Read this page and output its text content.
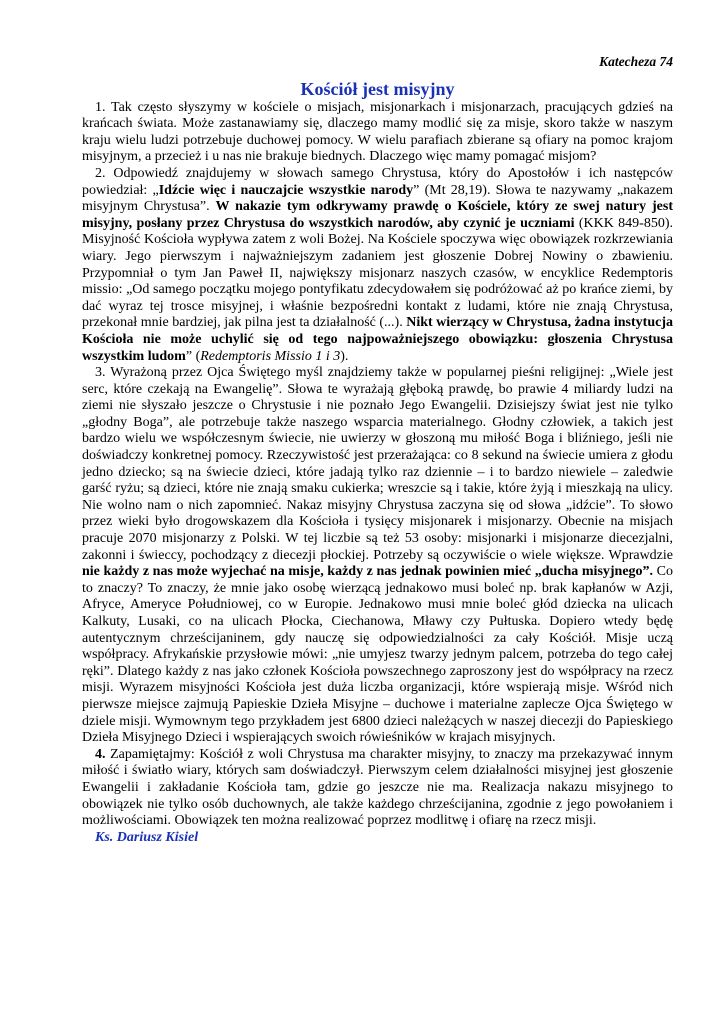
Katecheza 74
Kościół jest misyjny

1. Tak często słyszymy w kościele o misjach, misjonarkach i misjonarzach, pracujących gdzieś na krańcach świata. Może zastanawiamy się, dlaczego mamy modlić się za misje, skoro także w naszym kraju wielu ludzi potrzebuje duchowej pomocy. W wielu parafiach zbierane są ofiary na pomoc krajom misyjnym, a przecież i u nas nie brakuje biednych. Dlaczego więc mamy pomagać misjom?

2. Odpowiedź znajdujemy w słowach samego Chrystusa, który do Apostołów i ich następców powiedział: „Idźcie więc i nauczajcie wszystkie narody” (Mt 28,19). Słowa te nazywamy „nakazem misyjnym Chrystusa”. W nakazie tym odkrywamy prawdę o Kościele, który ze swej natury jest misyjny, posłany przez Chrystusa do wszystkich narodów, aby czynić je uczniami (KKK 849-850). Misyjność Kościoła wypływa zatem z woli Bożej. Na Kościele spoczywa więc obowiązek rozkrzewiania wiary. Jego pierwszym i najważniejszym zadaniem jest głoszenie Dobrej Nowiny o zbawieniu. Przypomniał o tym Jan Paweł II, największy misjonarz naszych czasów, w encyklice Redemptoris missio: „Od samego początku mojego pontyfikatu zdecydowałem się podróżować aż po krańce ziemi, by dać wyraz tej trosce misyjnej, i właśnie bezpośredni kontakt z ludami, które nie znają Chrystusa, przekonał mnie bardziej, jak pilna jest ta działalność (...). Nikt wierzący w Chrystusa, żadna instytucja Kościoła nie może uchylić się od tego najpoważniejszego obowiązku: głoszenia Chrystusa wszystkim ludom” (Redemptoris Missio 1 i 3).

3. Wyrażoną przez Ojca Świętego myśl znajdziemy także w popularnej pieśni religijnej: „Wiele jest serc, które czekają na Ewangelię”. Słowa te wyrażają głęboką prawdę, bo prawie 4 miliardy ludzi na ziemi nie słyszało jeszcze o Chrystusie i nie poznało Jego Ewangelii. Dzisiejszy świat jest nie tylko „głodny Boga”, ale potrzebuje także naszego wsparcia materialnego. Głodny człowiek, a takich jest bardzo wielu we współczesnym świecie, nie uwierzy w głoszoną mu miłość Boga i bliźniego, jeśli nie doświadczy konkretnej pomocy. Rzeczywistość jest przerażająca: co 8 sekund na świecie umiera z głodu jedno dziecko; są na świecie dzieci, które jadają tylko raz dziennie – i to bardzo niewiele – zaledwie garść ryżu; są dzieci, które nie znają smaku cukierka; wreszcie są i takie, które żyją i mieszkają na ulicy. Nie wolno nam o nich zapomnieć. Nakaz misyjny Chrystusa zaczyna się od słowa „idźcie”. To słowo przez wieki było drogowskazem dla Kościoła i tysięcy misjonarek i misjonarzy. Obecnie na misjach pracuje 2070 misjonarzy z Polski. W tej liczbie są też 53 osoby: misjonarki i misjonarze diecezjalni, zakonni i świeccy, pochodzący z diecezji płockiej. Potrzeby są oczywiście o wiele większe. Wprawdzie nie każdy z nas może wyjechać na misje, każdy z nas jednak powinien mieć „ducha misyjnego”. Co to znaczy? To znaczy, że mnie jako osobę wierzącą jednakowo musi boleć np. brak kapłanów w Azji, Afryce, Ameryce Południowej, co w Europie. Jednakowo musi mnie boleć głód dziecka na ulicach Kalkuty, Lusaki, co na ulicach Płocka, Ciechanowa, Mławy czy Pułtuska. Dopiero wtedy będę autentycznym chrześcijaninem, gdy nauczę się odpowiedzialności za cały Kościół. Misje uczą współpracy. Afrykańskie przysłowie mówi: „nie umyjesz twarzy jednym palcem, potrzeba do tego całej ręki”. Dlatego każdy z nas jako członek Kościoła powszechnego zaproszony jest do współpracy na rzecz misji. Wyrazem misyjności Kościoła jest duża liczba organizacji, które wspierają misje. Wśród nich pierwsze miejsce zajmują Papieskie Dzieła Misyjne – duchowe i materialne zaplecze Ojca Świętego w dziele misji. Wymownym tego przykładem jest 6800 dzieci należących w naszej diecezji do Papieskiego Dzieła Misyjnego Dzieci i wspierających swoich rówieśników w krajach misyjnych.

4. Zapamiętajmy: Kościół z woli Chrystusa ma charakter misyjny, to znaczy ma przekazywać innym miłość i światło wiary, których sam doświadczył. Pierwszym celem działalności misyjnej jest głoszenie Ewangelii i zakładanie Kościoła tam, gdzie go jeszcze nie ma. Realizacja nakazu misyjnego to obowiązek nie tylko osób duchownych, ale także każdego chrześcijanina, zgodnie z jego powołaniem i możliwościami. Obowiązek ten można realizować poprzez modlitwę i ofiarę na rzecz misji.

Ks. Dariusz Kisiel
